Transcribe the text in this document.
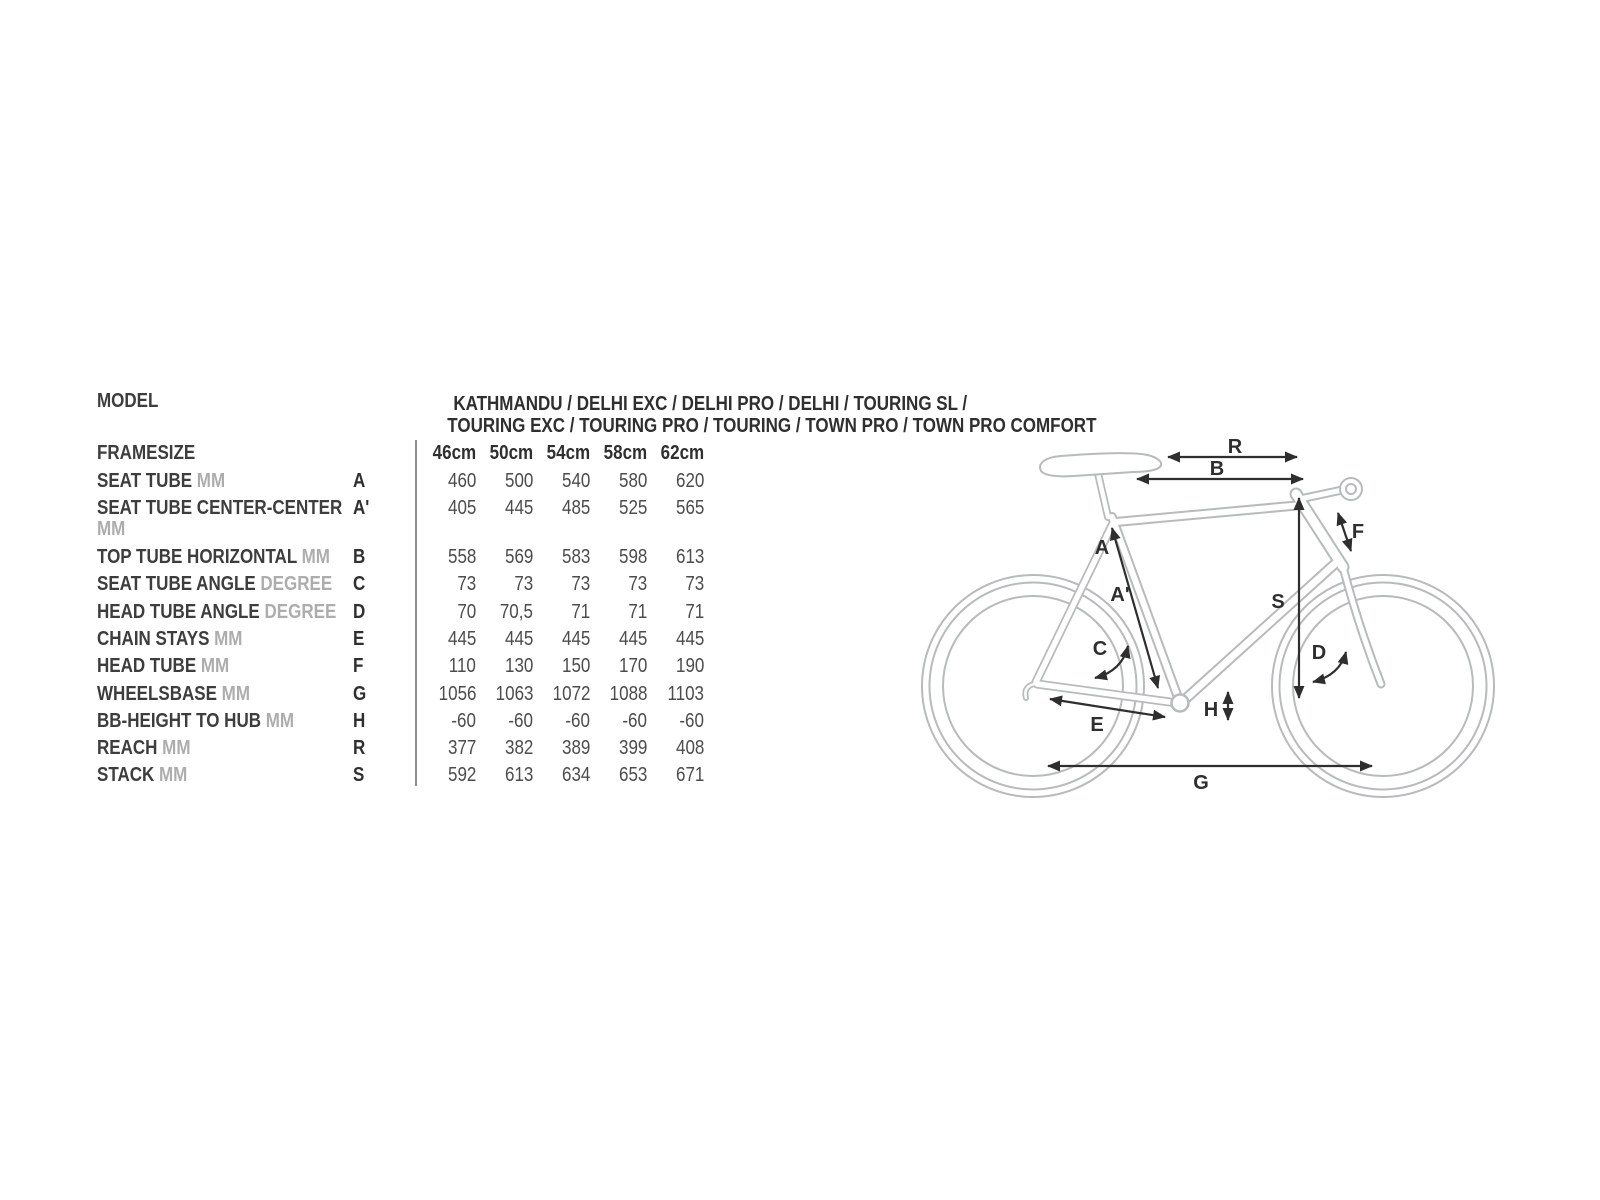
MODEL	KATHMANDU / DELHI EXC / DELHI PRO / DELHI / TOURING SL /
TOURING EXC / TOURING PRO / TOURING / TOWN PRO / TOWN PRO COMFORT
FRAMESIZE	46cm 50cm 54cm 58cm 62cm
SEAT TUBE MM	A	460	500	540	580	620
SEAT TUBE CENTER-CENTER
MM
A'	405	445	485	525	565
TOP TUBE HORIZONTAL MM	B	558	569	583	598	613
SEAT TUBE ANGLE DEGREE	C	73	73	73	73	73
HEAD TUBE ANGLE DEGREE D	70	70,5	71	71	71
CHAIN STAYS MM	E	445	445	445	445	445
HEAD TUBE MM	F	110	130	150	170	190
WHEELSBASE MM	G	1056 1063 1072 1088	1103
BB-HEIGHT TO HUB MM	H	-60	-60	-60	-60	-60
REACH MM	R	377	382	389	399	408
STACK MM	S	592	613	634	653	671
R
B
A
A'	S
F
C	D
E
H
G
